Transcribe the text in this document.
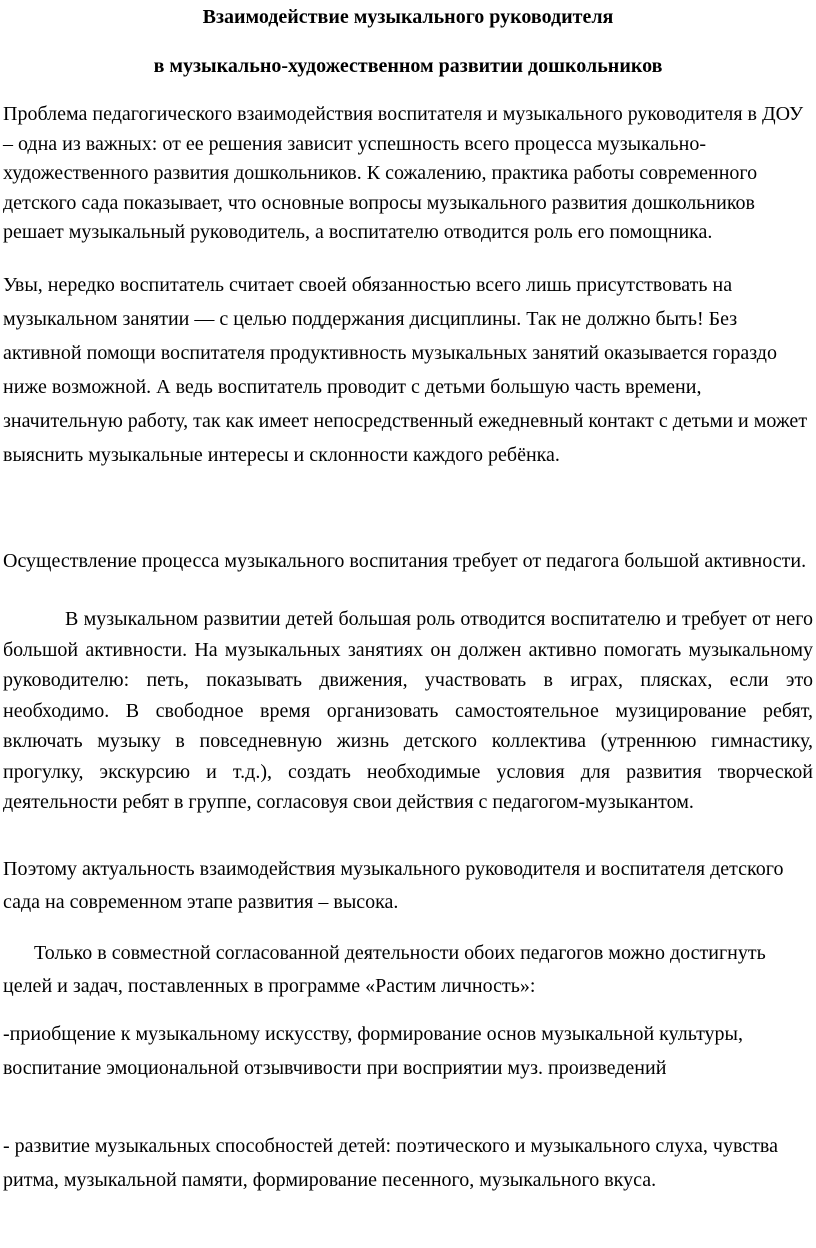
Взаимодействие музыкального руководителя
в музыкально-художественном развитии дошкольников

Проблема педагогического взаимодействия воспитателя и музыкального руководителя в ДОУ – одна из важных: от ее решения зависит успешность всего процесса музыкально-художественного развития дошкольников. К сожалению, практика работы современного детского сада показывает, что основные вопросы музыкального развития дошкольников решает музыкальный руководитель, а воспитателю отводится роль его помощника.

Увы, нередко воспитатель считает своей обязанностью всего лишь присутствовать на музыкальном занятии — с целью поддержания дисциплины. Так не должно быть! Без активной помощи воспитателя продуктивность музыкальных занятий оказывается гораздо ниже возможной. А ведь воспитатель проводит с детьми большую часть времени, значительную работу, так как имеет непосредственный ежедневный контакт с детьми и может выяснить музыкальные интересы и склонности каждого ребёнка.

Осуществление процесса музыкального воспитания требует от педагога большой активности.

В музыкальном развитии детей большая роль отводится воспитателю и требует от него большой активности. На музыкальных занятиях он должен активно помогать музыкальному руководителю: петь, показывать движения, участвовать в играх, плясках, если это необходимо. В свободное время организовать самостоятельное музицирование ребят, включать музыку в повседневную жизнь детского коллектива (утреннюю гимнастику, прогулку, экскурсию и т.д.), создать необходимые условия для развития творческой деятельности ребят в группе, согласовуя свои действия с педагогом-музыкантом.

Поэтому актуальность взаимодействия музыкального руководителя и воспитателя детского сада на современном этапе развития – высока.

Только в совместной согласованной деятельности обоих педагогов можно достигнуть целей и задач, поставленных в программе «Растим личность»:

-приобщение к музыкальному искусству, формирование основ музыкальной культуры, воспитание эмоциональной отзывчивости при восприятии муз. произведений

- развитие музыкальных способностей детей: поэтического и музыкального слуха, чувства ритма, музыкальной памяти, формирование песенного, музыкального вкуса.
